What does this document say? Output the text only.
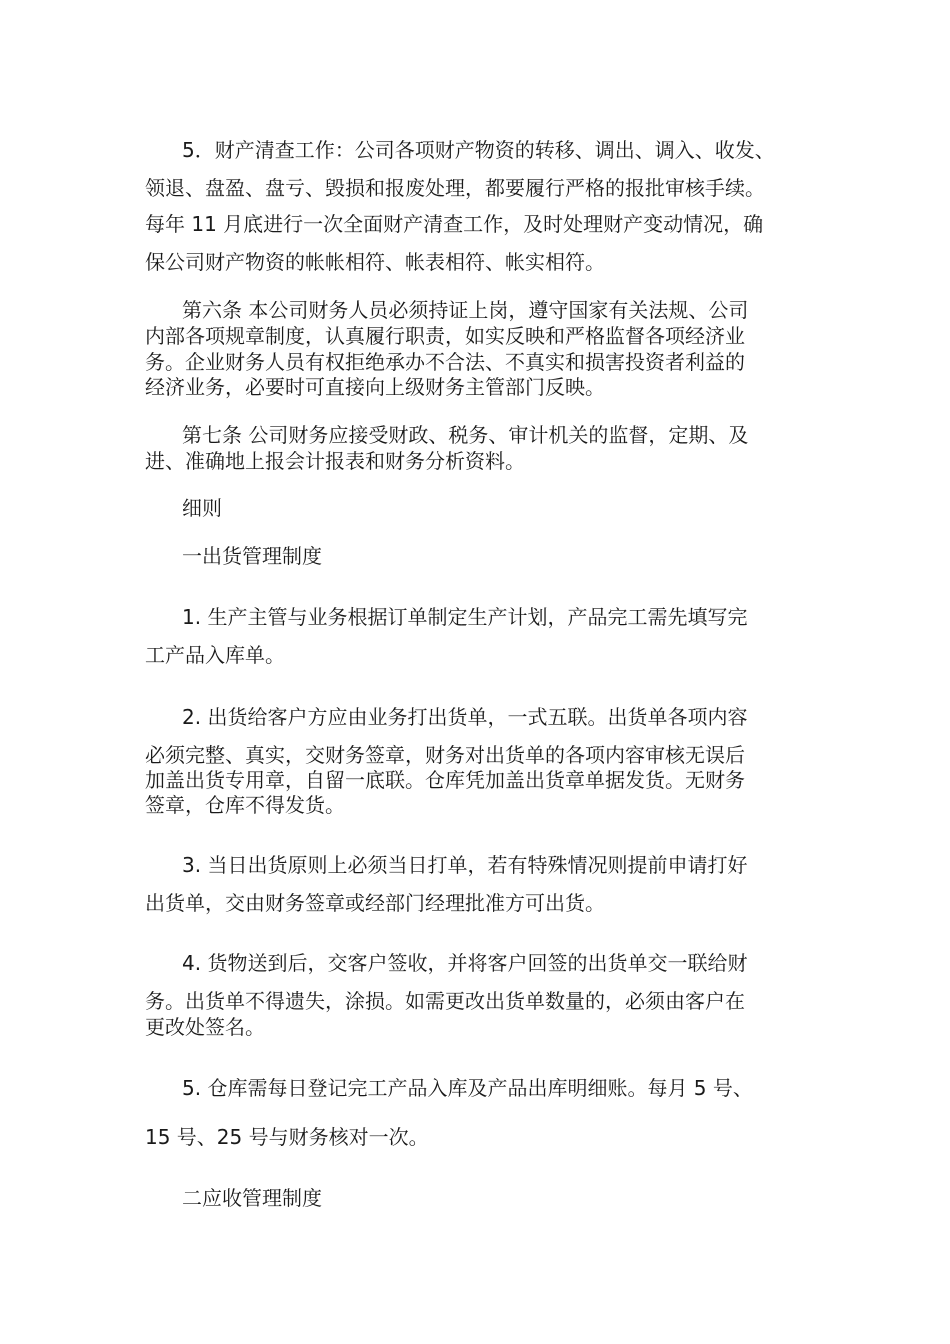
5．财产清查工作：公司各项财产物资的转移、调出、调入、收发、
领退、盘盈、盘亏、毁损和报废处理，都要履行严格的报批审核手续。
每年 11 月底进行一次全面财产清查工作，及时处理财产变动情况，确
保公司财产物资的帐帐相符、帐表相符、帐实相符。
第六条 本公司财务人员必须持证上岗，遵守国家有关法规、公司
内部各项规章制度，认真履行职责，如实反映和严格监督各项经济业
务。企业财务人员有权拒绝承办不合法、不真实和损害投资者利益的
经济业务，必要时可直接向上级财务主管部门反映。
第七条 公司财务应接受财政、税务、审计机关的监督，定期、及
进、准确地上报会计报表和财务分析资料。
细则
一出货管理制度
1. 生产主管与业务根据订单制定生产计划，产品完工需先填写完
工产品入库单。
2. 出货给客户方应由业务打出货单，一式五联。出货单各项内容
必须完整、真实，交财务签章，财务对出货单的各项内容审核无误后
加盖出货专用章，自留一底联。仓库凭加盖出货章单据发货。无财务
签章，仓库不得发货。
3. 当日出货原则上必须当日打单，若有特殊情况则提前申请打好
出货单，交由财务签章或经部门经理批准方可出货。
4. 货物送到后，交客户签收，并将客户回签的出货单交一联给财
务。出货单不得遗失，涂损。如需更改出货单数量的，必须由客户在
更改处签名。
5. 仓库需每日登记完工产品入库及产品出库明细账。每月 5 号、
15 号、25 号与财务核对一次。
二应收管理制度
